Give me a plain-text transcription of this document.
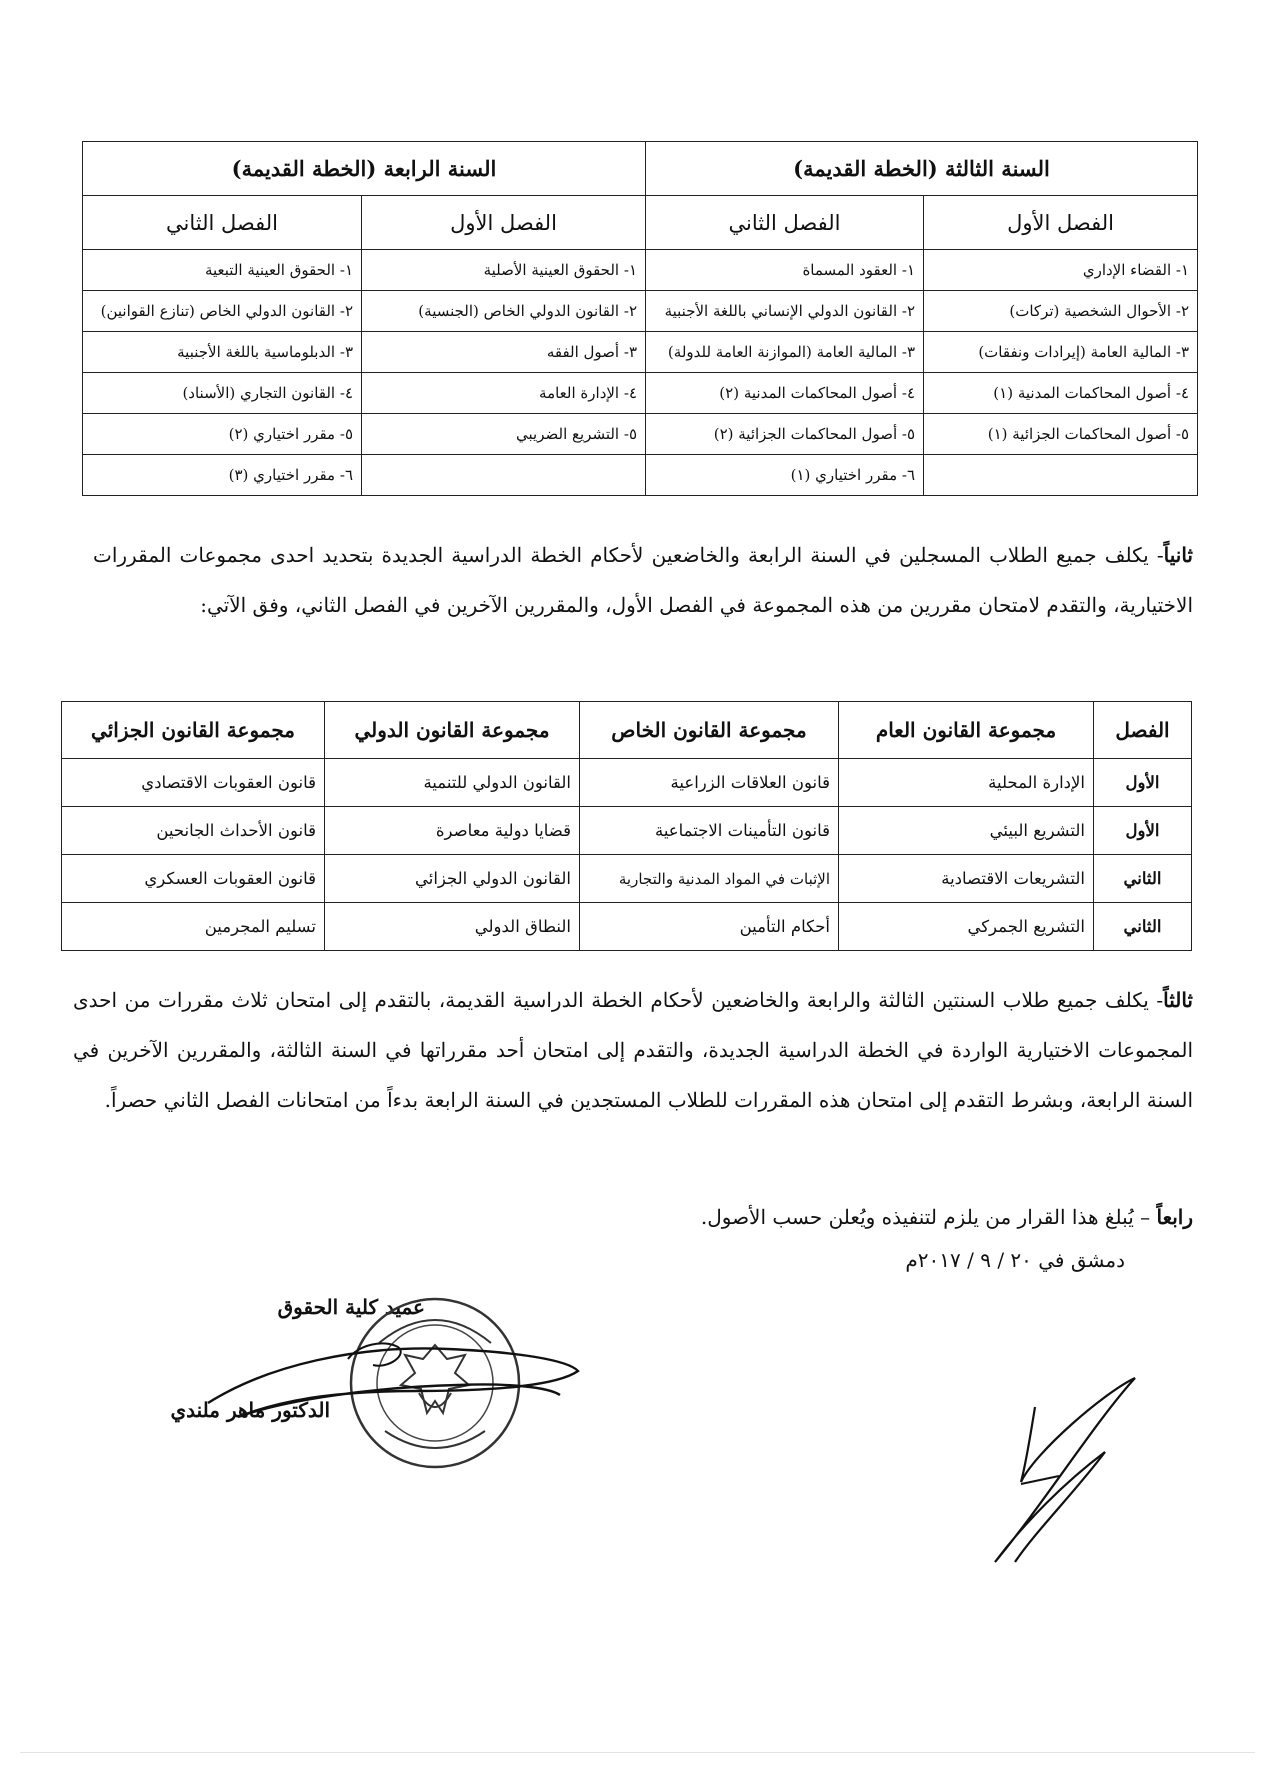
السنة الثالثة (الخطة القديمة)		السنة الرابعة (الخطة القديمة)	
الفصل الأول	الفصل الثاني	الفصل الأول	الفصل الثاني
١- القضاء الإداري	١- العقود المسماة	١- الحقوق العينية الأصلية	١- الحقوق العينية التبعية
٢- الأحوال الشخصية (تركات)	٢- القانون الدولي الإنساني باللغة الأجنبية	٢- القانون الدولي الخاص (الجنسية)	٢- القانون الدولي الخاص (تنازع القوانين)
٣- المالية العامة (إيرادات ونفقات)	٣- المالية العامة (الموازنة العامة للدولة)	٣- أصول الفقه	٣- الدبلوماسية باللغة الأجنبية
٤- أصول المحاكمات المدنية (١)	٤- أصول المحاكمات المدنية (٢)	٤- الإدارة العامة	٤- القانون التجاري (الأسناد)
٥- أصول المحاكمات الجزائية (١)	٥- أصول المحاكمات الجزائية (٢)	٥- التشريع الضريبي	٥- مقرر اختياري (٢)
	٦- مقرر اختياري (١)		٦- مقرر اختياري (٣)
ثانياً- يكلف جميع الطلاب المسجلين في السنة الرابعة والخاضعين لأحكام الخطة الدراسية الجديدة بتحديد احدى مجموعات المقررات الاختيارية، والتقدم لامتحان مقررين من هذه المجموعة في الفصل الأول، والمقررين الآخرين في الفصل الثاني، وفق الآتي:
الفصل	مجموعة القانون العام	مجموعة القانون الخاص	مجموعة القانون الدولي	مجموعة القانون الجزائي
الأول	الإدارة المحلية	قانون العلاقات الزراعية	القانون الدولي للتنمية	قانون العقوبات الاقتصادي
الأول	التشريع البيئي	قانون التأمينات الاجتماعية	قضايا دولية معاصرة	قانون الأحداث الجانحين
الثاني	التشريعات الاقتصادية	الإثبات في المواد المدنية والتجارية	القانون الدولي الجزائي	قانون العقوبات العسكري
الثاني	التشريع الجمركي	أحكام التأمين	النطاق الدولي	تسليم المجرمين
ثالثاً- يكلف جميع طلاب السنتين الثالثة والرابعة والخاضعين لأحكام الخطة الدراسية القديمة، بالتقدم إلى امتحان ثلاث مقررات من احدى المجموعات الاختيارية الواردة في الخطة الدراسية الجديدة، والتقدم إلى امتحان أحد مقرراتها في السنة الثالثة، والمقررين الآخرين في السنة الرابعة، وبشرط التقدم إلى امتحان هذه المقررات للطلاب المستجدين في السنة الرابعة بدءاً من امتحانات الفصل الثاني حصراً.
رابعاً – يُبلغ هذا القرار من يلزم لتنفيذه ويُعلن حسب الأصول.
دمشق في ٢٠ / ٩ / ٢٠١٧م
عميد كلية الحقوق
الدكتور ماهر ملندي
